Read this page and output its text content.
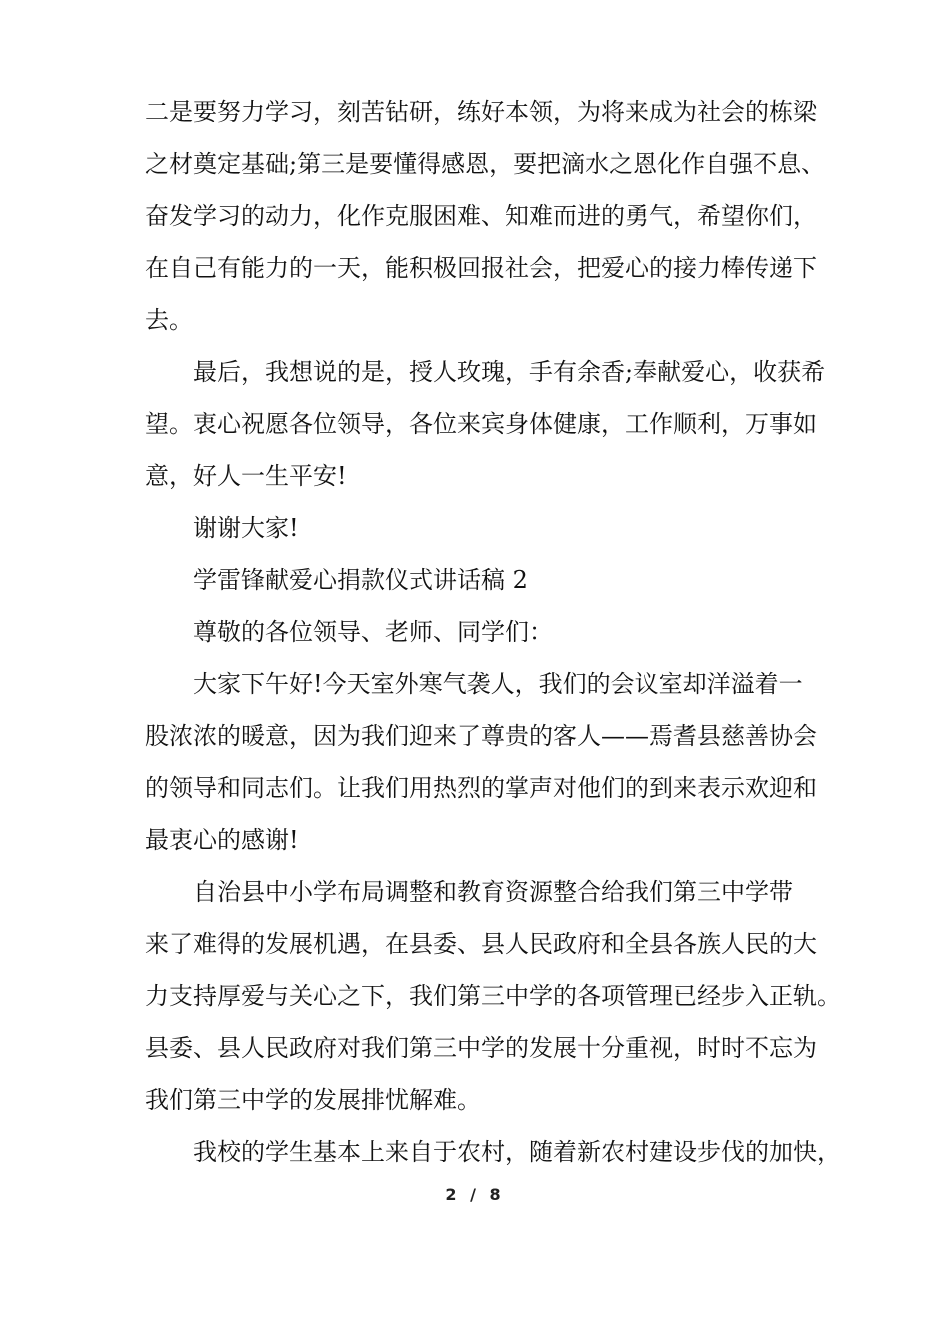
二是要努力学习，刻苦钻研，练好本领，为将来成为社会的栋梁
之材奠定基础;第三是要懂得感恩，要把滴水之恩化作自强不息、
奋发学习的动力，化作克服困难、知难而进的勇气，希望你们，
在自己有能力的一天，能积极回报社会，把爱心的接力棒传递下
去。
最后，我想说的是，授人玫瑰，手有余香;奉献爱心，收获希
望。衷心祝愿各位领导，各位来宾身体健康，工作顺利，万事如
意，好人一生平安!
谢谢大家!
学雷锋献爱心捐款仪式讲话稿 2
尊敬的各位领导、老师、同学们：
大家下午好!今天室外寒气袭人，我们的会议室却洋溢着一
股浓浓的暖意，因为我们迎来了尊贵的客人——焉耆县慈善协会
的领导和同志们。让我们用热烈的掌声对他们的到来表示欢迎和
最衷心的感谢!
自治县中小学布局调整和教育资源整合给我们第三中学带
来了难得的发展机遇，在县委、县人民政府和全县各族人民的大
力支持厚爱与关心之下，我们第三中学的各项管理已经步入正轨。
县委、县人民政府对我们第三中学的发展十分重视，时时不忘为
我们第三中学的发展排忧解难。
我校的学生基本上来自于农村，随着新农村建设步伐的加快，
2 / 8
